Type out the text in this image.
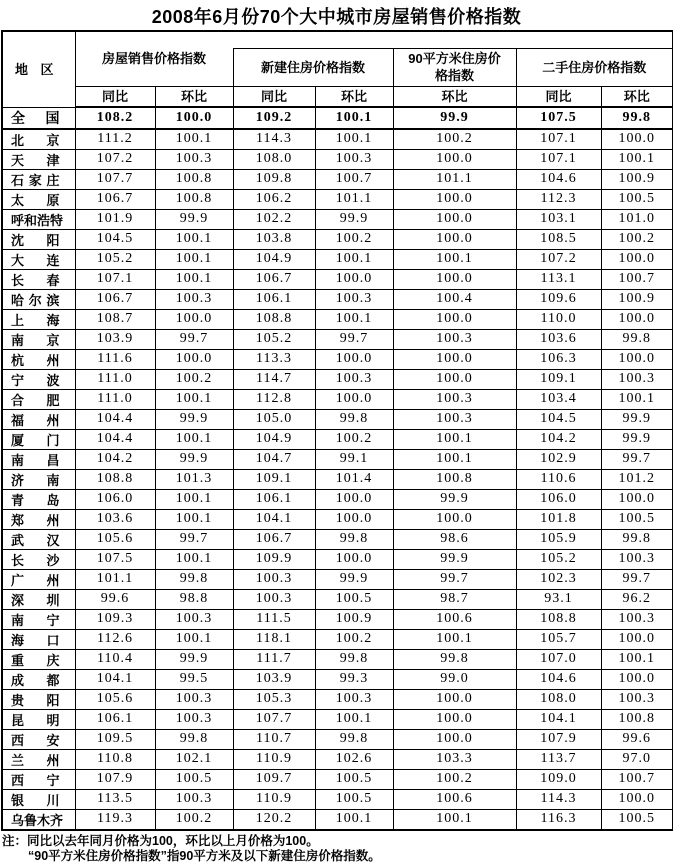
2008年6月份70个大中城市房屋销售价格指数
地 区	房屋销售价格指数						
			新建住房价格指数		90平方米住房价格指数	二手住房价格指数	
	同比	环比	同比	环比	环比	同比	环比

全 国	108.2	100.0	109.2	100.1	99.9	107.5	99.8

北 京	111.2	100.1	114.3	100.1	100.2	107.1	100.0

天 津	107.2	100.3	108.0	100.3	100.0	107.1	100.1

石 家 庄	107.7	100.8	109.8	100.7	101.1	104.6	100.9

太 原	106.7	100.8	106.2	101.1	100.0	112.3	100.5

呼 和 浩 特	101.9	99.9	102.2	99.9	100.0	103.1	101.0

沈 阳	104.5	100.1	103.8	100.2	100.0	108.5	100.2

大 连	105.2	100.1	104.9	100.1	100.1	107.2	100.0

长 春	107.1	100.1	106.7	100.0	100.0	113.1	100.7

哈 尔 滨	106.7	100.3	106.1	100.3	100.4	109.6	100.9

上 海	108.7	100.0	108.8	100.1	100.0	110.0	100.0

南 京	103.9	99.7	105.2	99.7	100.3	103.6	99.8

杭 州	111.6	100.0	113.3	100.0	100.0	106.3	100.0

宁 波	111.0	100.2	114.7	100.3	100.0	109.1	100.3

合 肥	111.0	100.1	112.8	100.0	100.3	103.4	100.1

福 州	104.4	99.9	105.0	99.8	100.3	104.5	99.9

厦 门	104.4	100.1	104.9	100.2	100.1	104.2	99.9

南 昌	104.2	99.9	104.7	99.1	100.1	102.9	99.7

济 南	108.8	101.3	109.1	101.4	100.8	110.6	101.2

青 岛	106.0	100.1	106.1	100.0	99.9	106.0	100.0

郑 州	103.6	100.1	104.1	100.0	100.0	101.8	100.5

武 汉	105.6	99.7	106.7	99.8	98.6	105.9	99.8

长 沙	107.5	100.1	109.9	100.0	99.9	105.2	100.3

广 州	101.1	99.8	100.3	99.9	99.7	102.3	99.7

深 圳	99.6	98.8	100.3	100.5	98.7	93.1	96.2

南 宁	109.3	100.3	111.5	100.9	100.6	108.8	100.3

海 口	112.6	100.1	118.1	100.2	100.1	105.7	100.0

重 庆	110.4	99.9	111.7	99.8	99.8	107.0	100.1

成 都	104.1	99.5	103.9	99.3	99.0	104.6	100.0

贵 阳	105.6	100.3	105.3	100.3	100.0	108.0	100.3

昆 明	106.1	100.3	107.7	100.1	100.0	104.1	100.8

西 安	109.5	99.8	110.7	99.8	100.0	107.9	99.6

兰 州	110.8	102.1	110.9	102.6	103.3	113.7	97.0

西 宁	107.9	100.5	109.7	100.5	100.2	109.0	100.7

银 川	113.5	100.3	110.9	100.5	100.6	114.3	100.0

乌 鲁 木 齐	119.3	100.2	120.2	100.1	100.1	116.3	100.5
注：同比以去年同月价格为100，环比以上月价格为100。
“90平方米住房价格指数”指90平方米及以下新建住房价格指数。
